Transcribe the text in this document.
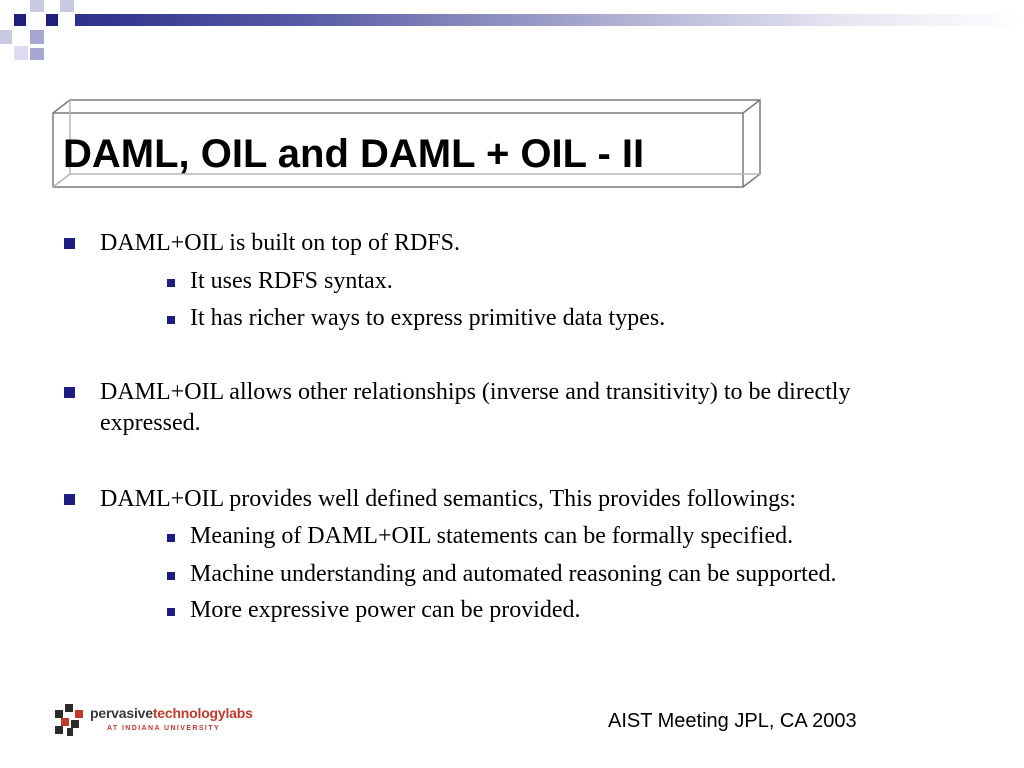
DAML, OIL and DAML + OIL - II
DAML+OIL is built on top of RDFS.
It uses RDFS syntax.
It has richer ways to express primitive data types.
DAML+OIL allows other relationships (inverse and transitivity) to be directly expressed.
DAML+OIL provides well defined semantics, This provides followings:
Meaning of DAML+OIL statements can be formally specified.
Machine understanding and automated reasoning can be supported.
More expressive power can be provided.
pervasivetechnologylabs
AT INDIANA UNIVERSITY	AIST Meeting JPL, CA 2003
